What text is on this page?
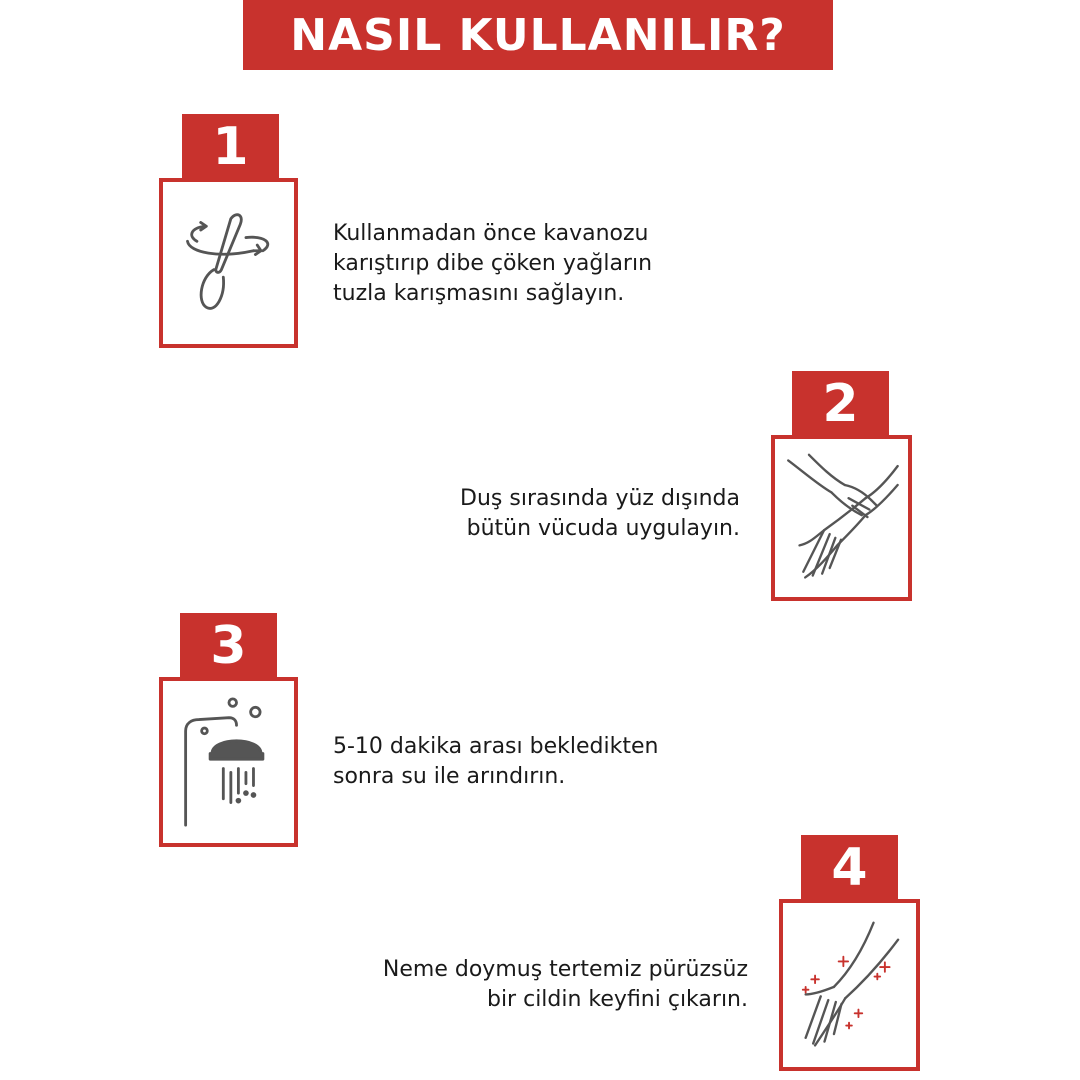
NASIL KULLANILIR?
1
Kullanmadan önce kavanozu
karıştırıp dibe çöken yağların
tuzla karışmasını sağlayın.
2
Duş sırasında yüz dışında
bütün vücuda uygulayın.
3
5-10 dakika arası bekledikten
sonra su ile arındırın.
4
Neme doymuş tertemiz pürüzsüz
bir cildin keyfini çıkarın.
